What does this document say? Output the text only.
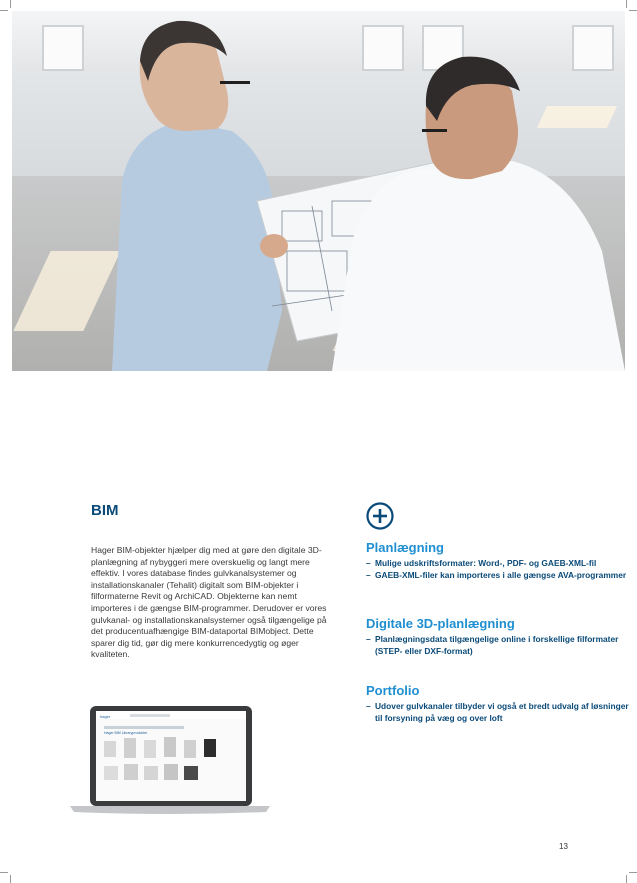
BIM

Hager BIM-objekter hjælper dig med at gøre den digitale 3D-planlægning af nybyggeri mere overskuelig og langt mere effektiv. I vores database findes gulvkanalsystemer og installationskanaler (Tehalit) digitalt som BIM-objekter i filformaterne Revit og ArchiCAD. Objekterne kan nemt importeres i de gængse BIM-programmer. Derudover er vores gulvkanal- og installationskanalsystemer også tilgængelige på det producentuafhængige BIM-dataportal BIMobject. Dette sparer dig tid, gør dig mere konkurrencedygtig og øger kvaliteten.

hager
Hager BIM Libraryprodukter
Planlægning
– Mulige udskriftsformater: Word-, PDF- og GAEB-XML-fil
– GAEB-XML-filer kan importeres i alle gængse AVA-programmer
Digitale 3D-planlægning
– Planlægningsdata tilgængelige online i forskellige filformater (STEP- eller DXF-format)
Portfolio
– Udover gulvkanaler tilbyder vi også et bredt udvalg af løsninger til forsyning på væg og over loft
13
